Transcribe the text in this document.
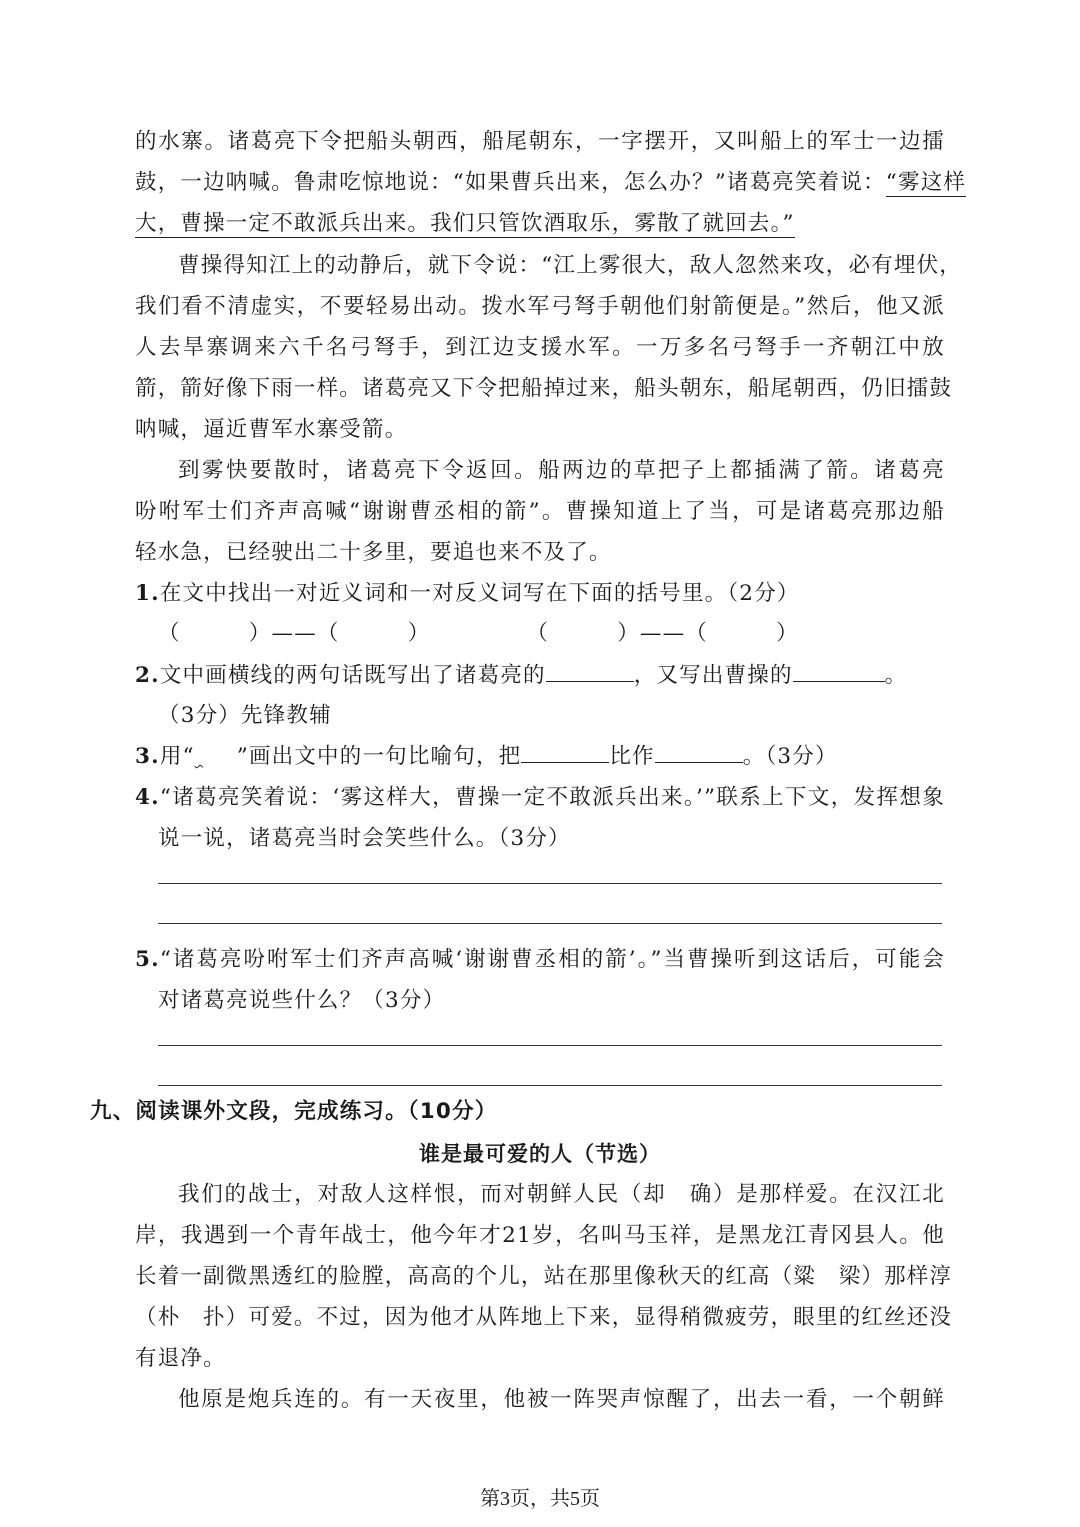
的水寨。诸葛亮下令把船头朝西，船尾朝东，一字摆开，又叫船上的军士一边擂
鼓，一边呐喊。鲁肃吃惊地说：“如果曹兵出来，怎么办？”诸葛亮笑着说：“雾这样
大，曹操一定不敢派兵出来。我们只管饮酒取乐，雾散了就回去。”
曹操得知江上的动静后，就下令说：“江上雾很大，敌人忽然来攻，必有埋伏，
我们看不清虚实，不要轻易出动。拨水军弓弩手朝他们射箭便是。”然后，他又派
人去旱寨调来六千名弓弩手，到江边支援水军。一万多名弓弩手一齐朝江中放
箭，箭好像下雨一样。诸葛亮又下令把船掉过来，船头朝东，船尾朝西，仍旧擂鼓
呐喊，逼近曹军水寨受箭。
到雾快要散时，诸葛亮下令返回。船两边的草把子上都插满了箭。诸葛亮
吩咐军士们齐声高喊“谢谢曹丞相的箭”。曹操知道上了当，可是诸葛亮那边船
轻水急，已经驶出二十多里，要追也来不及了。
1.在文中找出一对近义词和一对反义词写在下面的括号里。（2分）
（　　　）——（　　　）	（　　　）——（　　　）
2.文中画横线的两句话既写出了诸葛亮的	，又写出曹操的	。
（3分）先锋教辅
3.用“ ”画出文中的一句比喻句，把	比作	。（3分）
4.“诸葛亮笑着说：‘雾这样大，曹操一定不敢派兵出来。’”联系上下文，发挥想象
说一说，诸葛亮当时会笑些什么。（3分）
5.“诸葛亮吩咐军士们齐声高喊‘谢谢曹丞相的箭’。”当曹操听到这话后，可能会
对诸葛亮说些什么？（3分）
九、阅读课外文段，完成练习。（10分）
谁是最可爱的人（节选）
我们的战士，对敌人这样恨，而对朝鲜人民（却　确）是那样爱。在汉江北
岸，我遇到一个青年战士，他今年才21岁，名叫马玉祥，是黑龙江青冈县人。他
长着一副微黑透红的脸膛，高高的个儿，站在那里像秋天的红高（粱　梁）那样淳
（朴　扑）可爱。不过，因为他才从阵地上下来，显得稍微疲劳，眼里的红丝还没
有退净。
他原是炮兵连的。有一天夜里，他被一阵哭声惊醒了，出去一看，一个朝鲜
第3页，共5页
